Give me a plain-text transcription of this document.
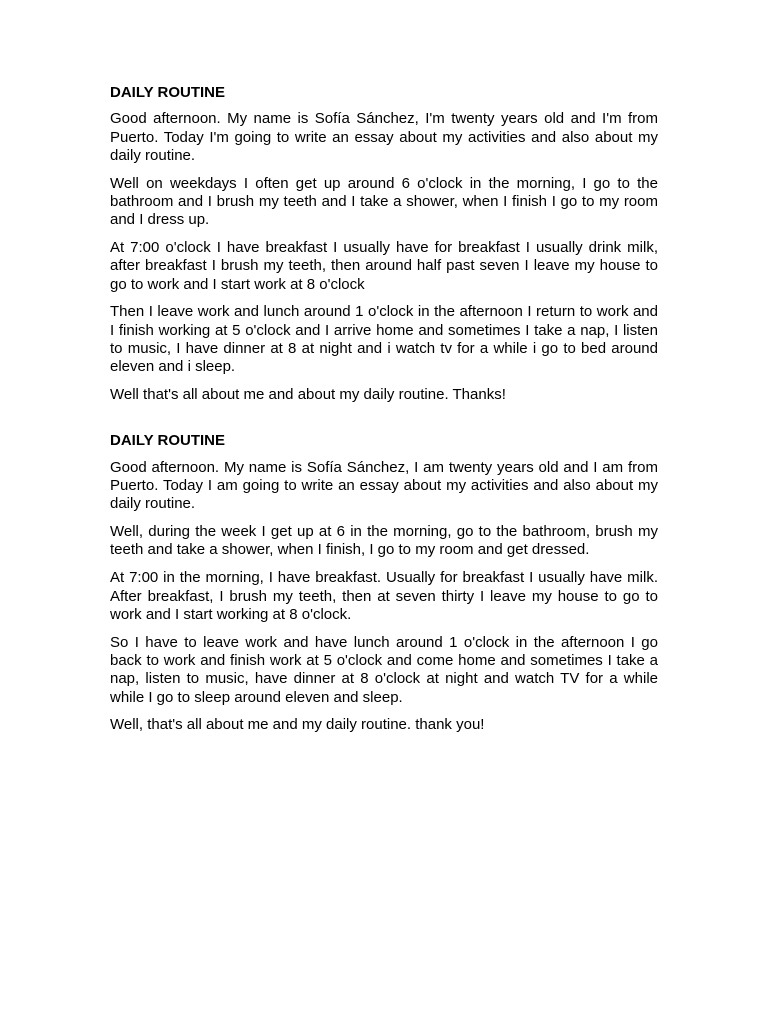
DAILY ROUTINE

Good afternoon. My name is Sofía Sánchez, I'm twenty years old and I'm from Puerto. Today I'm going to write an essay about my activities and also about my daily routine.

Well on weekdays I often get up around 6 o'clock in the morning, I go to the bathroom and I brush my teeth and I take a shower, when I finish I go to my room and I dress up.

At 7:00 o'clock I have breakfast I usually have for breakfast I usually drink milk, after breakfast I brush my teeth, then around half past seven I leave my house to go to work and I start work at 8 o'clock

Then I leave work and lunch around 1 o'clock in the afternoon I return to work and I finish working at 5 o'clock and I arrive home and sometimes I take a nap, I listen to music, I have dinner at 8 at night and i watch tv for a while i go to bed around eleven and i sleep.

Well that's all about me and about my daily routine. Thanks!

DAILY ROUTINE

Good afternoon. My name is Sofía Sánchez, I am twenty years old and I am from Puerto. Today I am going to write an essay about my activities and also about my daily routine.

Well, during the week I get up at 6 in the morning, go to the bathroom, brush my teeth and take a shower, when I finish, I go to my room and get dressed.

At 7:00 in the morning, I have breakfast. Usually for breakfast I usually have milk. After breakfast, I brush my teeth, then at seven thirty I leave my house to go to work and I start working at 8 o'clock.

So I have to leave work and have lunch around 1 o'clock in the afternoon I go back to work and finish work at 5 o'clock and come home and sometimes I take a nap, listen to music, have dinner at 8 o'clock at night and watch TV for a while while I go to sleep around eleven and sleep.

Well, that's all about me and my daily routine. thank you!
